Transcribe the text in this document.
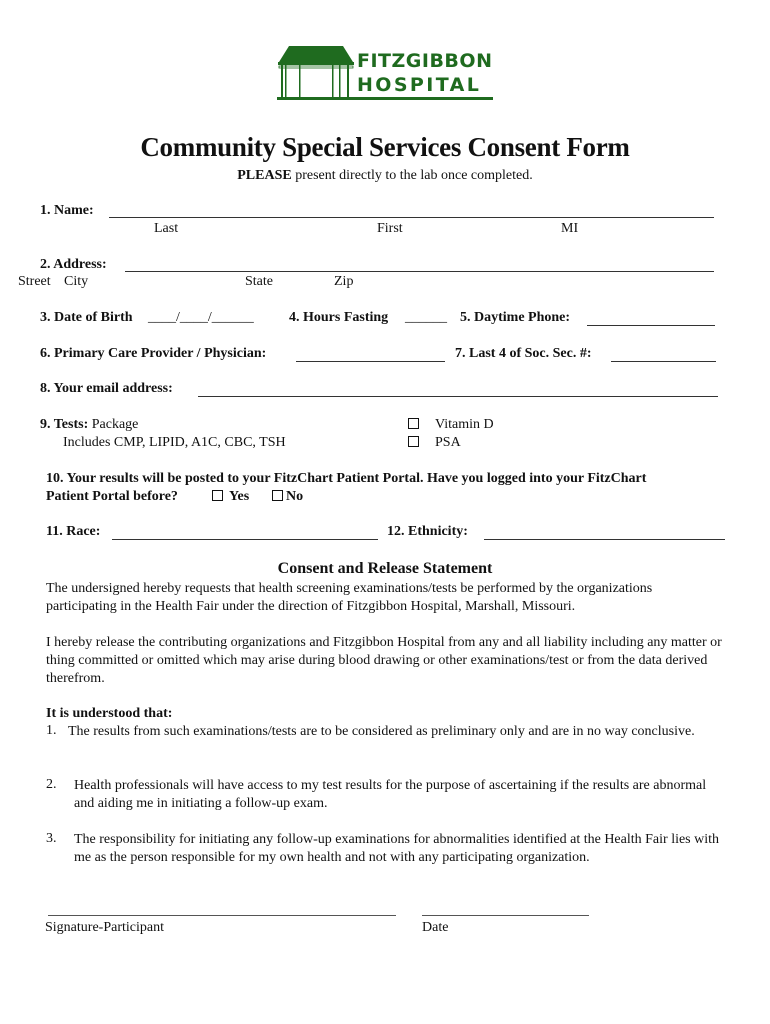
FITZGIBBON
HOSPITAL
Community Special Services Consent Form
PLEASE present directly to the lab once completed.
1. Name:
Last	First	MI
2. Address:
Street City	State	Zip
3. Date of Birth ____/____/______	4. Hours Fasting ______ 5. Daytime Phone:
6. Primary Care Provider / Physician:	7. Last 4 of Soc. Sec. #:
8. Your email address:
9. Tests: Package
Includes CMP, LIPID, A1C, CBC, TSH
Vitamin D
PSA
10. Your results will be posted to your FitzChart Patient Portal. Have you logged into your FitzChart
Patient Portal before?	Yes	No
11. Race:	12. Ethnicity:
Consent and Release Statement
The undersigned hereby requests that health screening examinations/tests be performed by the organizations participating in the Health Fair under the direction of Fitzgibbon Hospital, Marshall, Missouri.
I hereby release the contributing organizations and Fitzgibbon Hospital from any and all liability including any matter or thing committed or omitted which may arise during blood drawing or other examinations/test or from the data derived therefrom.
It is understood that:
1. The results from such examinations/tests are to be considered as preliminary only and are in no way conclusive.
2. Health professionals will have access to my test results for the purpose of ascertaining if the results are abnormal and aiding me in initiating a follow-up exam.
3. The responsibility for initiating any follow-up examinations for abnormalities identified at the Health Fair lies with me as the person responsible for my own health and not with any participating organization.
Signature-Participant	Date
